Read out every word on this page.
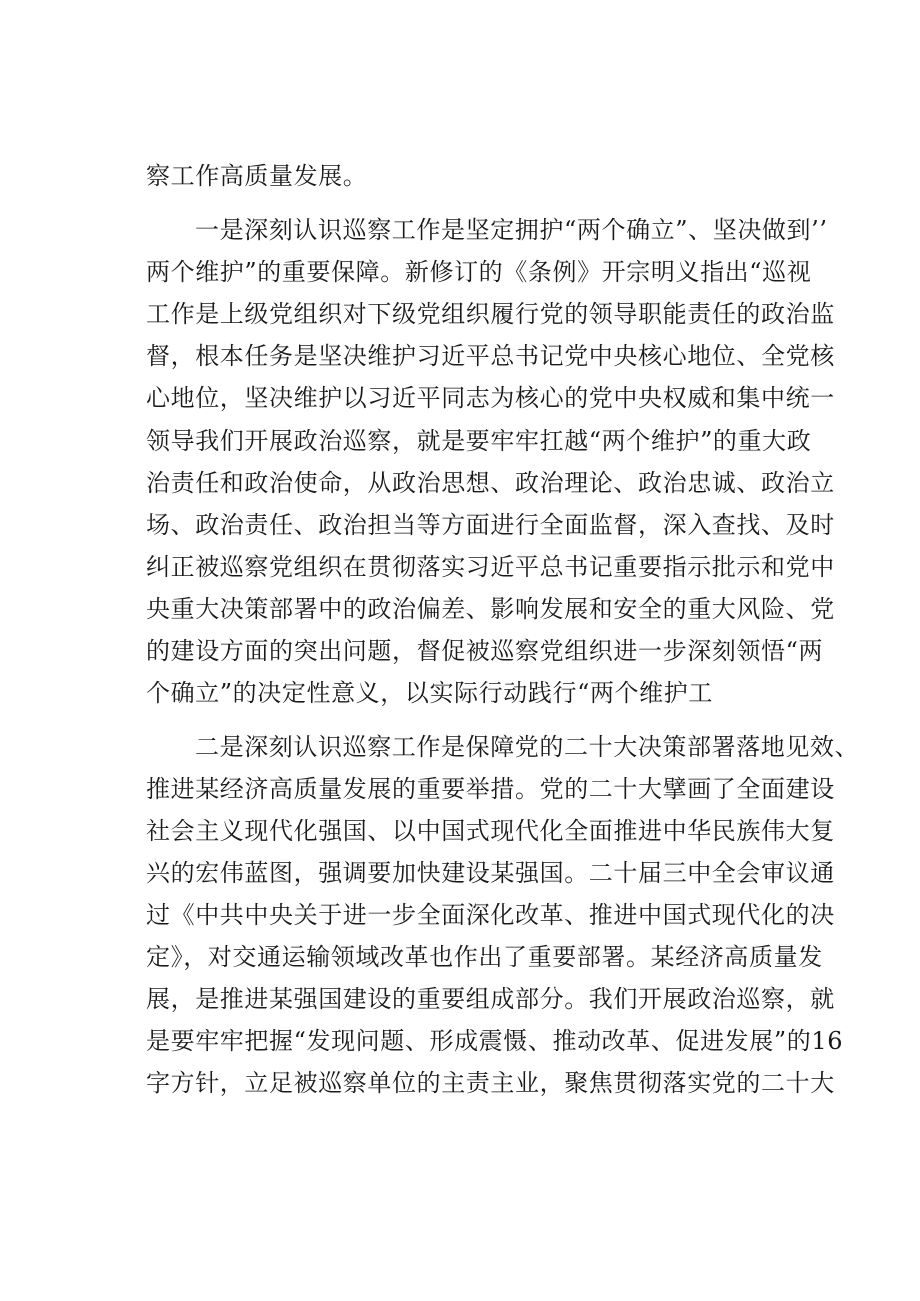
察工作高质量发展。
一是深刻认识巡察工作是坚定拥护“两个确立”、坚决做到’’
两个维护”的重要保障。新修订的《条例》开宗明义指出“巡视
工作是上级党组织对下级党组织履行党的领导职能责任的政治监
督，根本任务是坚决维护习近平总书记党中央核心地位、全党核
心地位，坚决维护以习近平同志为核心的党中央权威和集中统一
领导我们开展政治巡察，就是要牢牢扛越“两个维护”的重大政
治责任和政治使命，从政治思想、政治理论、政治忠诚、政治立
场、政治责任、政治担当等方面进行全面监督，深入查找、及时
纠正被巡察党组织在贯彻落实习近平总书记重要指示批示和党中
央重大决策部署中的政治偏差、影响发展和安全的重大风险、党
的建设方面的突出问题，督促被巡察党组织进一步深刻领悟“两
个确立”的决定性意义，以实际行动践行“两个维护工
二是深刻认识巡察工作是保障党的二十大决策部署落地见效、
推进某经济高质量发展的重要举措。党的二十大擘画了全面建设
社会主义现代化强国、以中国式现代化全面推进中华民族伟大复
兴的宏伟蓝图，强调要加快建设某强国。二十届三中全会审议通
过《中共中央关于进一步全面深化改革、推进中国式现代化的决
定》，对交通运输领域改革也作出了重要部署。某经济高质量发
展，是推进某强国建设的重要组成部分。我们开展政治巡察，就
是要牢牢把握“发现问题、形成震慑、推动改革、促进发展”的16
字方针，立足被巡察单位的主责主业，聚焦贯彻落实党的二十大
